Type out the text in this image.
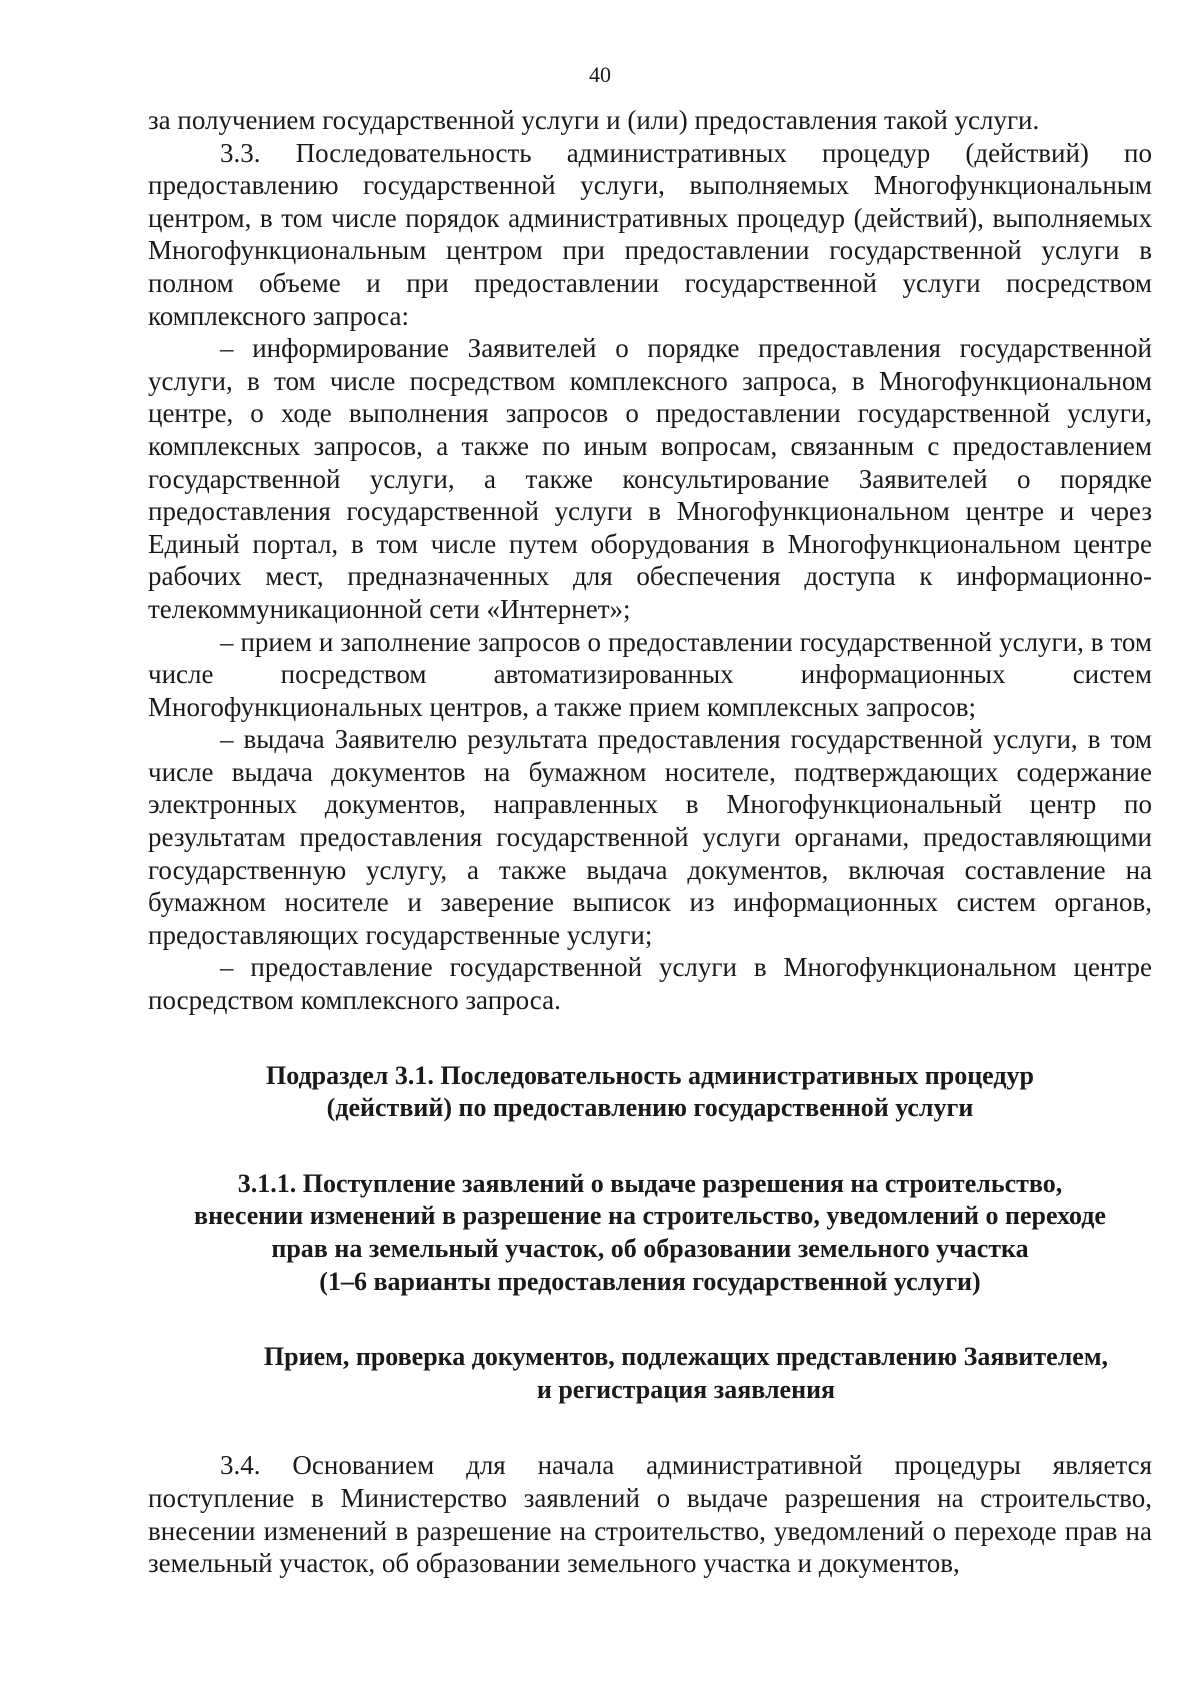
40

за получением государственной услуги и (или) предоставления такой услуги.

3.3. Последовательность административных процедур (действий) по предоставлению государственной услуги, выполняемых Многофункциональным центром, в том числе порядок административных процедур (действий), выполняемых Многофункциональным центром при предоставлении государственной услуги в полном объеме и при предоставлении государственной услуги посредством комплексного запроса:

– информирование Заявителей о порядке предоставления государственной услуги, в том числе посредством комплексного запроса, в Многофункциональном центре, о ходе выполнения запросов о предоставлении государственной услуги, комплексных запросов, а также по иным вопросам, связанным с предоставлением государственной услуги, а также консультирование Заявителей о порядке предоставления государственной услуги в Многофункциональном центре и через Единый портал, в том числе путем оборудования в Многофункциональном центре рабочих мест, предназначенных для обеспечения доступа к информационно-телекоммуникационной сети «Интернет»;

– прием и заполнение запросов о предоставлении государственной услуги, в том числе посредством автоматизированных информационных систем Многофункциональных центров, а также прием комплексных запросов;

– выдача Заявителю результата предоставления государственной услуги, в том числе выдача документов на бумажном носителе, подтверждающих содержание электронных документов, направленных в Многофункциональный центр по результатам предоставления государственной услуги органами, предоставляющими государственную услугу, а также выдача документов, включая составление на бумажном носителе и заверение выписок из информационных систем органов, предоставляющих государственные услуги;

– предоставление государственной услуги в Многофункциональном центре посредством комплексного запроса.

Подраздел 3.1. Последовательность административных процедур
(действий) по предоставлению государственной услуги
3.1.1. Поступление заявлений о выдаче разрешения на строительство,
внесении изменений в разрешение на строительство, уведомлений о переходе
прав на земельный участок, об образовании земельного участка
(1–6 варианты предоставления государственной услуги)
Прием, проверка документов, подлежащих представлению Заявителем,
и регистрация заявления

3.4. Основанием для начала административной процедуры является поступление в Министерство заявлений о выдаче разрешения на строительство, внесении изменений в разрешение на строительство, уведомлений о переходе прав на земельный участок, об образовании земельного участка и документов,
